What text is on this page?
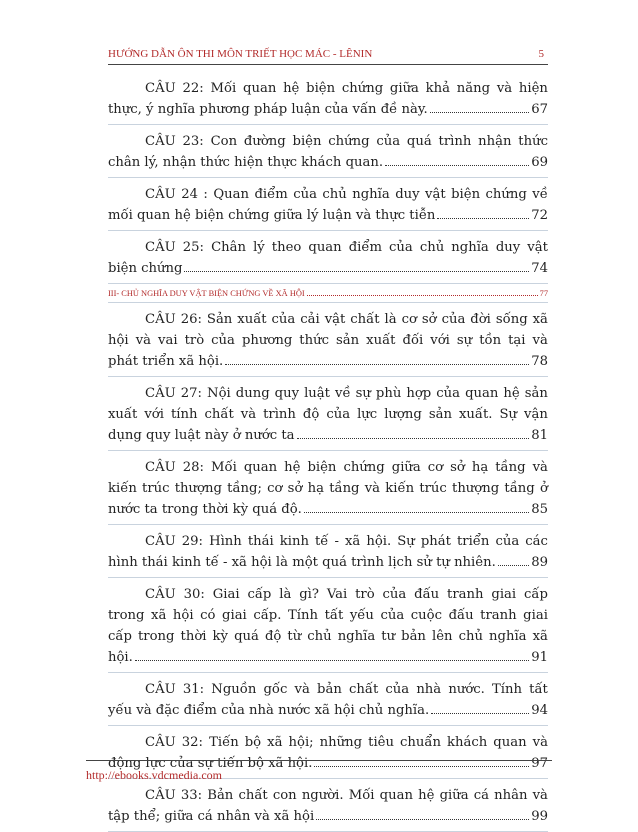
HƯỚNG DẪN ÔN THI MÔN TRIẾT HỌC MÁC - LÊNIN	5
CÂU 22: Mối quan hệ biện chứng giữa khả năng và hiện
thực, ý nghĩa phương pháp luận của vấn đề này.	67
CÂU 23: Con đường biện chứng của quá trình nhận thức
chân lý, nhận thức hiện thực khách quan.	69
CÂU 24 : Quan điểm của chủ nghĩa duy vật biện chứng về
mối quan hệ biện chứng giữa lý luận và thực tiễn	72
CÂU 25: Chân lý theo quan điểm của chủ nghĩa duy vật
biện chứng	74
III- CHỦ NGHĨA DUY VẬT BIỆN CHỨNG VỀ XÃ HỘI	77
CÂU 26: Sản xuất của cải vật chất là cơ sở của đời sống xã
hội và vai trò của phương thức sản xuất đối với sự tồn tại và
phát triển xã hội.	78
CÂU 27: Nội dung quy luật về sự phù hợp của quan hệ sản
xuất với tính chất và trình độ của lực lượng sản xuất. Sự vận
dụng quy luật này ở nước ta	81
CÂU 28: Mối quan hệ biện chứng giữa cơ sở hạ tầng và
kiến trúc thượng tầng; cơ sở hạ tầng và kiến trúc thượng tầng ở
nước ta trong thời kỳ quá độ.	85
CÂU 29: Hình thái kinh tế - xã hội. Sự phát triển của các
hình thái kinh tế - xã hội là một quá trình lịch sử tự nhiên.	89
CÂU 30: Giai cấp là gì? Vai trò của đấu tranh giai cấp
trong xã hội có giai cấp. Tính tất yếu của cuộc đấu tranh giai
cấp trong thời kỳ quá độ từ chủ nghĩa tư bản lên chủ nghĩa xã
hội.	91
CÂU 31: Nguồn gốc và bản chất của nhà nước. Tính tất
yếu và đặc điểm của nhà nước xã hội chủ nghĩa.	94
CÂU 32: Tiến bộ xã hội; những tiêu chuẩn khách quan và
động lực của sự tiến bộ xã hội.	97
CÂU 33: Bản chất con người. Mối quan hệ giữa cá nhân và
tập thể; giữa cá nhân và xã hội	99
http://ebooks.vdcmedia.com
